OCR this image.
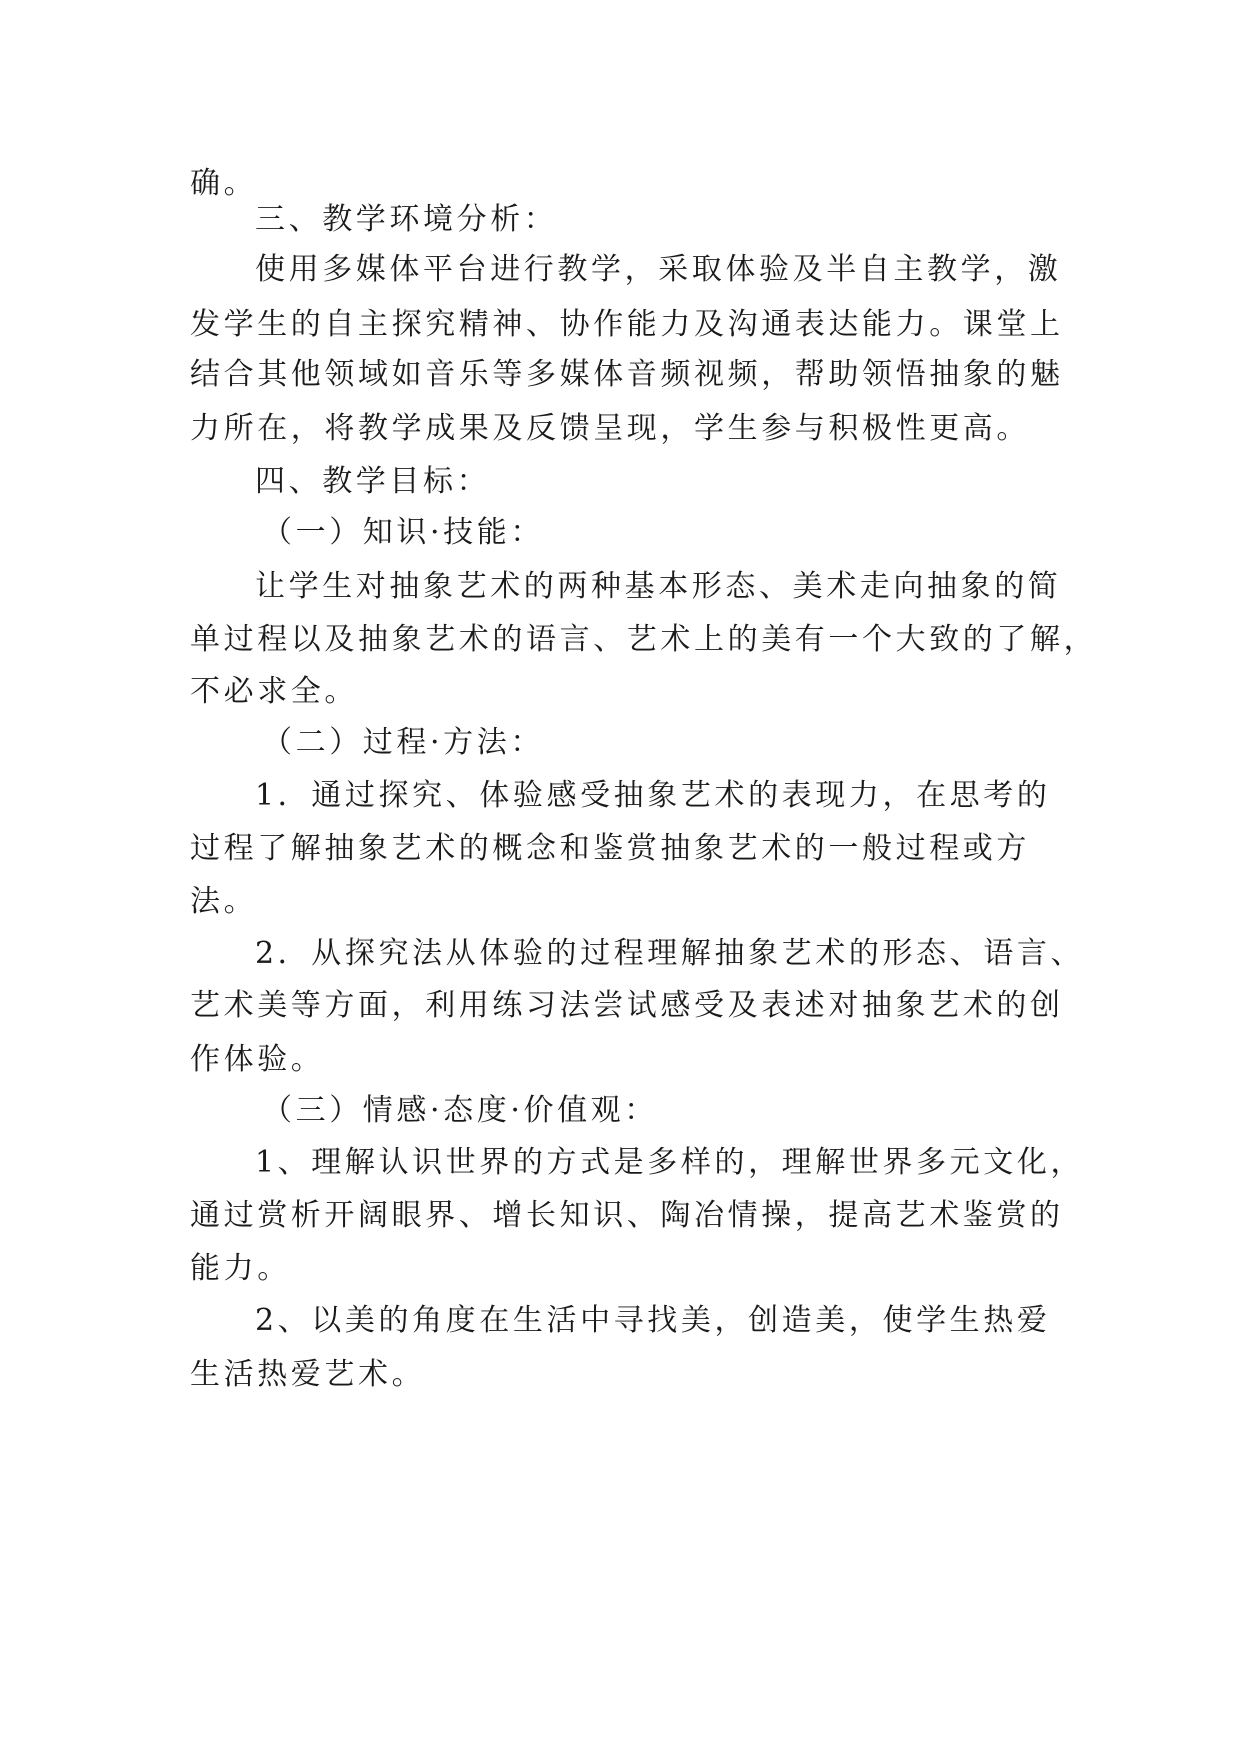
确。
三、教学环境分析：
使用多媒体平台进行教学，采取体验及半自主教学，激
发学生的自主探究精神、协作能力及沟通表达能力。课堂上
结合其他领域如音乐等多媒体音频视频，帮助领悟抽象的魅
力所在，将教学成果及反馈呈现，学生参与积极性更高。
四、教学目标：
（一）知识·技能：
让学生对抽象艺术的两种基本形态、美术走向抽象的简
单过程以及抽象艺术的语言、艺术上的美有一个大致的了解，
不必求全。
（二）过程·方法：
1．通过探究、体验感受抽象艺术的表现力，在思考的
过程了解抽象艺术的概念和鉴赏抽象艺术的一般过程或方
法。
2．从探究法从体验的过程理解抽象艺术的形态、语言、
艺术美等方面，利用练习法尝试感受及表述对抽象艺术的创
作体验。
（三）情感·态度·价值观：
1、理解认识世界的方式是多样的，理解世界多元文化，
通过赏析开阔眼界、增长知识、陶冶情操，提高艺术鉴赏的
能力。
2、以美的角度在生活中寻找美，创造美，使学生热爱
生活热爱艺术。
